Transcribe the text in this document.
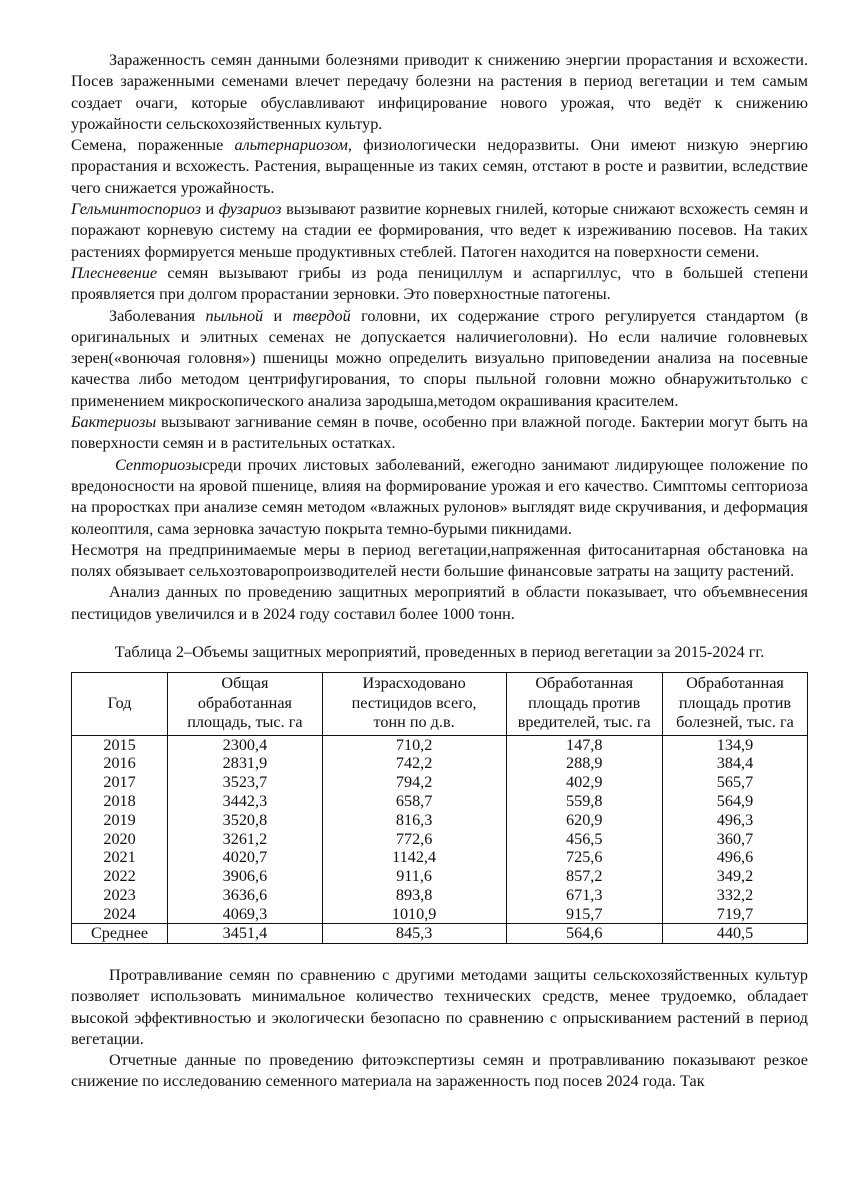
Зараженность семян данными болезнями приводит к снижению энергии прорастания и всхожести. Посев зараженными семенами влечет передачу болезни на растения в период вегетации и тем самым создает очаги, которые обуславливают инфицирование нового урожая, что ведёт к снижению урожайности сельскохозяйственных культур.

Семена, пораженные альтернариозом, физиологически недоразвиты. Они имеют низкую энергию прорастания и всхожесть. Растения, выращенные из таких семян, отстают в росте и развитии, вследствие чего снижается урожайность.

Гельминтоспориоз и фузариоз вызывают развитие корневых гнилей, которые снижают всхожесть семян и поражают корневую систему на стадии ее формирования, что ведет к изреживанию посевов. На таких растениях формируется меньше продуктивных стеблей. Патоген находится на поверхности семени.

Плесневение семян вызывают грибы из рода пенициллум и аспаргиллус, что в большей степени проявляется при долгом прорастании зерновки. Это поверхностные патогены.

Заболевания пыльной и твердой головни, их содержание строго регулируется стандартом (в оригинальных и элитных семенах не допускается наличиеголовни). Но если наличие головневых зерен(«вонючая головня») пшеницы можно определить визуально приповедении анализа на посевные качества либо методом центрифугирования, то споры пыльной головни можно обнаружитьтолько с применением микроскопического анализа зародыша,методом окрашивания красителем.

Бактериозы вызывают загнивание семян в почве, особенно при влажной погоде. Бактерии могут быть на поверхности семян и в растительных остатках.

Септориозысреди прочих листовых заболеваний, ежегодно занимают лидирующее положение по вредоносности на яровой пшенице, влияя на формирование урожая и его качество. Симптомы септориоза на проростках при анализе семян методом «влажных рулонов» выглядят виде скручивания, и деформация колеоптиля, сама зерновка зачастую покрыта темно-бурыми пикнидами.

Несмотря на предпринимаемые меры в период вегетации,напряженная фитосанитарная обстановка на полях обязывает сельхозтоваропроизводителей нести большие финансовые затраты на защиту растений.

Анализ данных по проведению защитных мероприятий в области показывает, что объемвнесения пестицидов увеличился и в 2024 году составил более 1000 тонн.

Таблица 2–Объемы защитных мероприятий, проведенных в период вегетации за 2015-2024 гг.
Год	Общая обработанная площадь, тыс. га	Израсходовано пестицидов всего, тонн по д.в.	Обработанная площадь против вредителей, тыс. га	Обработанная площадь против болезней, тыс. га
2015	2300,4	710,2	147,8	134,9
2016	2831,9	742,2	288,9	384,4
2017	3523,7	794,2	402,9	565,7
2018	3442,3	658,7	559,8	564,9
2019	3520,8	816,3	620,9	496,3
2020	3261,2	772,6	456,5	360,7
2021	4020,7	1142,4	725,6	496,6
2022	3906,6	911,6	857,2	349,2
2023	3636,6	893,8	671,3	332,2
2024	4069,3	1010,9	915,7	719,7
Среднее	3451,4	845,3	564,6	440,5

Протравливание семян по сравнению с другими методами защиты сельскохозяйственных культур позволяет использовать минимальное количество технических средств, менее трудоемко, обладает высокой эффективностью и экологически безопасно по сравнению с опрыскиванием растений в период вегетации.

Отчетные данные по проведению фитоэкспертизы семян и протравливанию показывают резкое снижение по исследованию семенного материала на зараженность под посев 2024 года. Так
